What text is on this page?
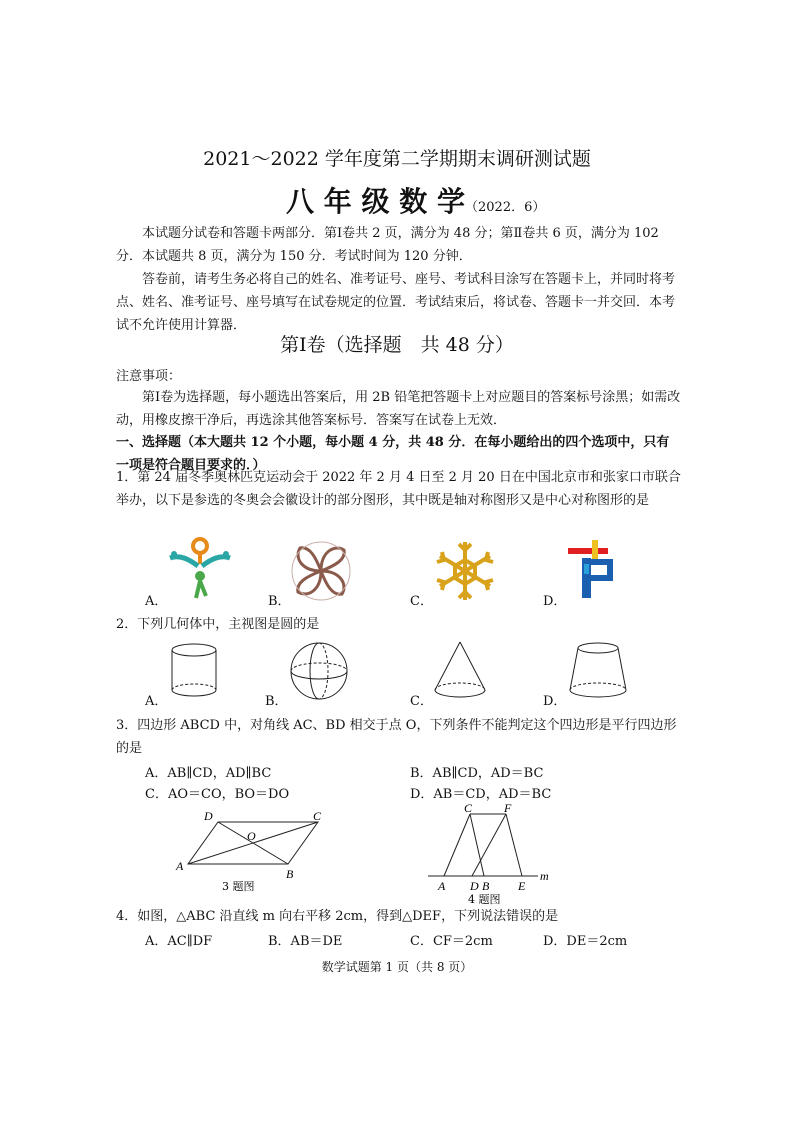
2021～2022 学年度第二学期期末调研测试题
八 年 级 数 学（2022．6）
本试题分试卷和答题卡两部分．第Ⅰ卷共 2 页，满分为 48 分；第Ⅱ卷共 6 页，满分为 102 分．本试题共 8 页，满分为 150 分．考试时间为 120 分钟．
答卷前，请考生务必将自己的姓名、准考证号、座号、考试科目涂写在答题卡上，并同时将考点、姓名、准考证号、座号填写在试卷规定的位置．考试结束后，将试卷、答题卡一并交回．本考试不允许使用计算器．
第Ⅰ卷（选择题　共 48 分）
注意事项：
第Ⅰ卷为选择题，每小题选出答案后，用 2B 铅笔把答题卡上对应题目的答案标号涂黑；如需改动，用橡皮擦干净后，再选涂其他答案标号．答案写在试卷上无效．
一、选择题（本大题共 12 个小题，每小题 4 分，共 48 分．在每小题给出的四个选项中，只有一项是符合题目要求的．）
1．第 24 届冬季奥林匹克运动会于 2022 年 2 月 4 日至 2 月 20 日在中国北京市和张家口市联合举办，以下是参选的冬奥会会徽设计的部分图形，其中既是轴对称图形又是中心对称图形的是
A．	B．	C．	D．
2．下列几何体中，主视图是圆的是
A．	B．	C．	D．
3．四边形 ABCD 中，对角线 AC、BD 相交于点 O，下列条件不能判定这个四边形是平行四边形的是
A．AB∥CD，AD∥BC	B．AB∥CD，AD＝BC
C．AO＝CO，BO＝DO	D．AB＝CD，AD＝BC
D	C
O
A
B
3 题图
C	F
A D B E
m
4 题图
4．如图，△ABC 沿直线 m 向右平移 2cm，得到△DEF，下列说法错误的是
A．AC∥DF	B．AB＝DE	C．CF＝2cm	D．DE＝2cm
数学试题第 1 页（共 8 页）
